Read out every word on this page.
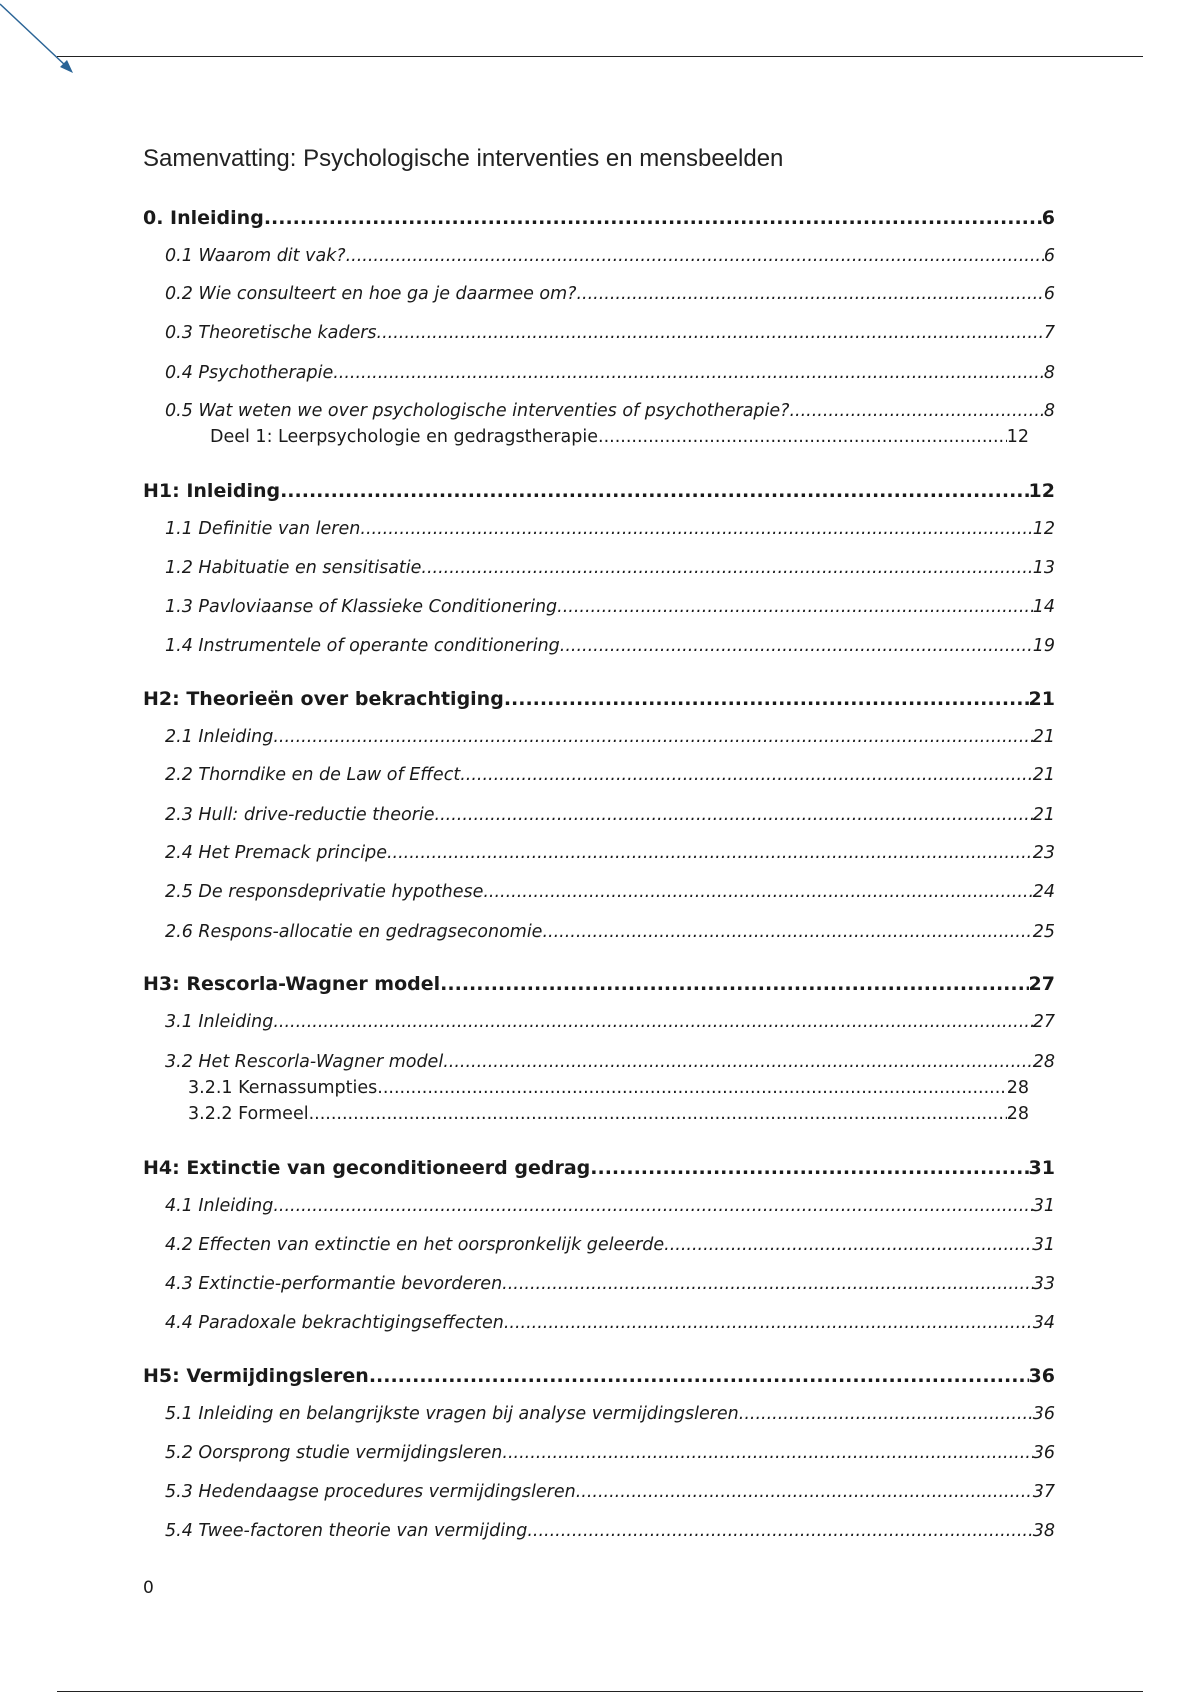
Samenvatting: Psychologische interventies en mensbeelden
0. Inleiding .....	6
0.1 Waarom dit vak? .....	6
0.2 Wie consulteert en hoe ga je daarmee om? .....	6
0.3 Theoretische kaders .....	7
0.4 Psychotherapie .....	8
0.5 Wat weten we over psychologische interventies of psychotherapie? .....	8
Deel 1: Leerpsychologie en gedragstherapie .....	12
H1: Inleiding .....	12
1.1 Definitie van leren .....	12
1.2 Habituatie en sensitisatie .....	13
1.3 Pavloviaanse of Klassieke Conditionering .....	14
1.4 Instrumentele of operante conditionering .....	19
H2: Theorieën over bekrachtiging .....	21
2.1 Inleiding .....	21
2.2 Thorndike en de Law of Effect .....	21
2.3 Hull: drive-reductie theorie .....	21
2.4 Het Premack principe .....	23
2.5 De responsdeprivatie hypothese .....	24
2.6 Respons-allocatie en gedragseconomie .....	25
H3: Rescorla-Wagner model .....	27
3.1 Inleiding .....	27
3.2 Het Rescorla-Wagner model .....	28
3.2.1 Kernassumpties .....	28
3.2.2 Formeel .....	28
H4: Extinctie van geconditioneerd gedrag .....	31
4.1 Inleiding .....	31
4.2 Effecten van extinctie en het oorspronkelijk geleerde .....	31
4.3 Extinctie-performantie bevorderen .....	33
4.4 Paradoxale bekrachtigingseffecten .....	34
H5: Vermijdingsleren .....	36
5.1 Inleiding en belangrijkste vragen bij analyse vermijdingsleren .....	36
5.2 Oorsprong studie vermijdingsleren .....	36
5.3 Hedendaagse procedures vermijdingsleren .....	37
5.4 Twee-factoren theorie van vermijding .....	38

0
